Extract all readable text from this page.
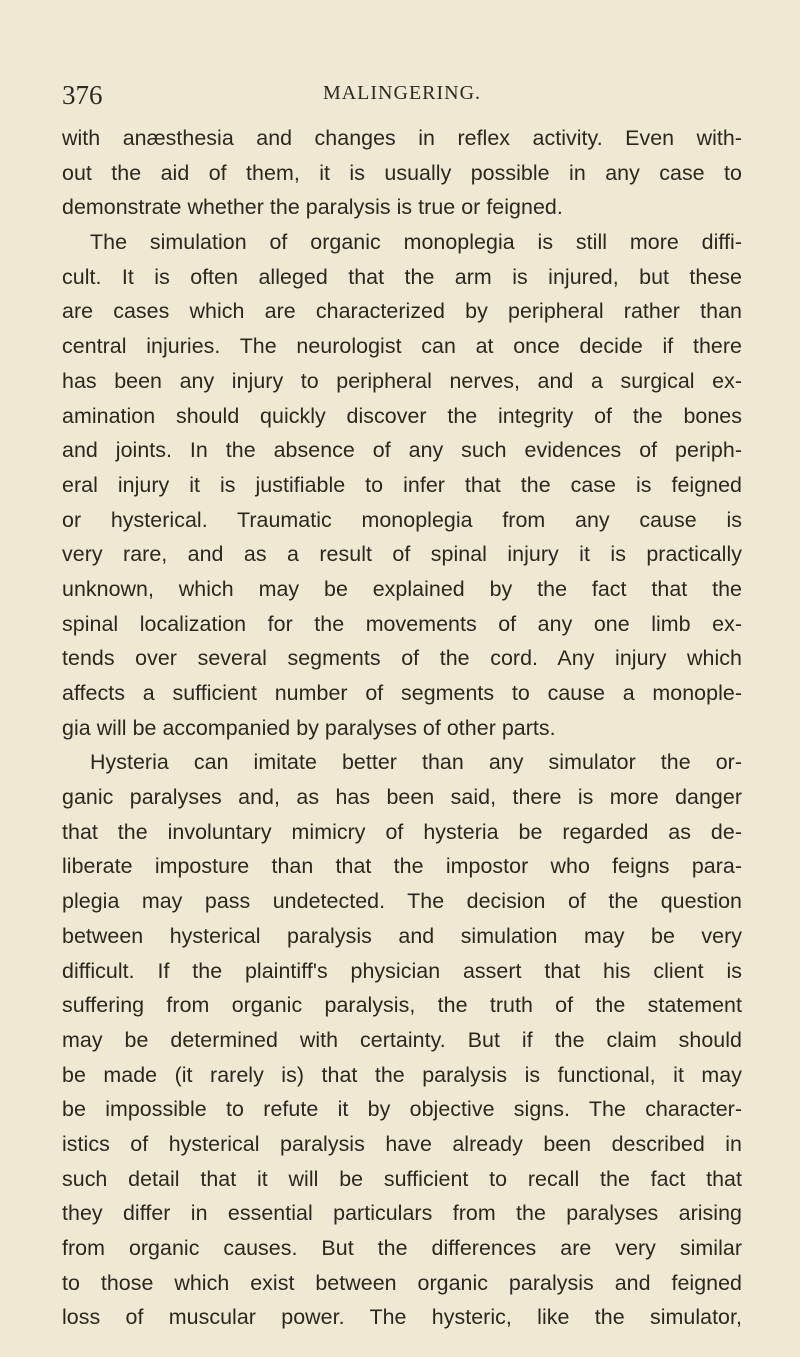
376	MALINGERING.
with anæsthesia and changes in reflex activity. Even with-
out the aid of them, it is usually possible in any case to
demonstrate whether the paralysis is true or feigned.
The simulation of organic monoplegia is still more diffi-
cult. It is often alleged that the arm is injured, but these
are cases which are characterized by peripheral rather than
central injuries. The neurologist can at once decide if there
has been any injury to peripheral nerves, and a surgical ex-
amination should quickly discover the integrity of the bones
and joints. In the absence of any such evidences of periph-
eral injury it is justifiable to infer that the case is feigned
or hysterical. Traumatic monoplegia from any cause is
very rare, and as a result of spinal injury it is practically
unknown, which may be explained by the fact that the
spinal localization for the movements of any one limb ex-
tends over several segments of the cord. Any injury which
affects a sufficient number of segments to cause a monople-
gia will be accompanied by paralyses of other parts.
Hysteria can imitate better than any simulator the or-
ganic paralyses and, as has been said, there is more danger
that the involuntary mimicry of hysteria be regarded as de-
liberate imposture than that the impostor who feigns para-
plegia may pass undetected. The decision of the question
between hysterical paralysis and simulation may be very
difficult. If the plaintiff's physician assert that his client is
suffering from organic paralysis, the truth of the statement
may be determined with certainty. But if the claim should
be made (it rarely is) that the paralysis is functional, it may
be impossible to refute it by objective signs. The character-
istics of hysterical paralysis have already been described in
such detail that it will be sufficient to recall the fact that
they differ in essential particulars from the paralyses arising
from organic causes. But the differences are very similar
to those which exist between organic paralysis and feigned
loss of muscular power. The hysteric, like the simulator,
